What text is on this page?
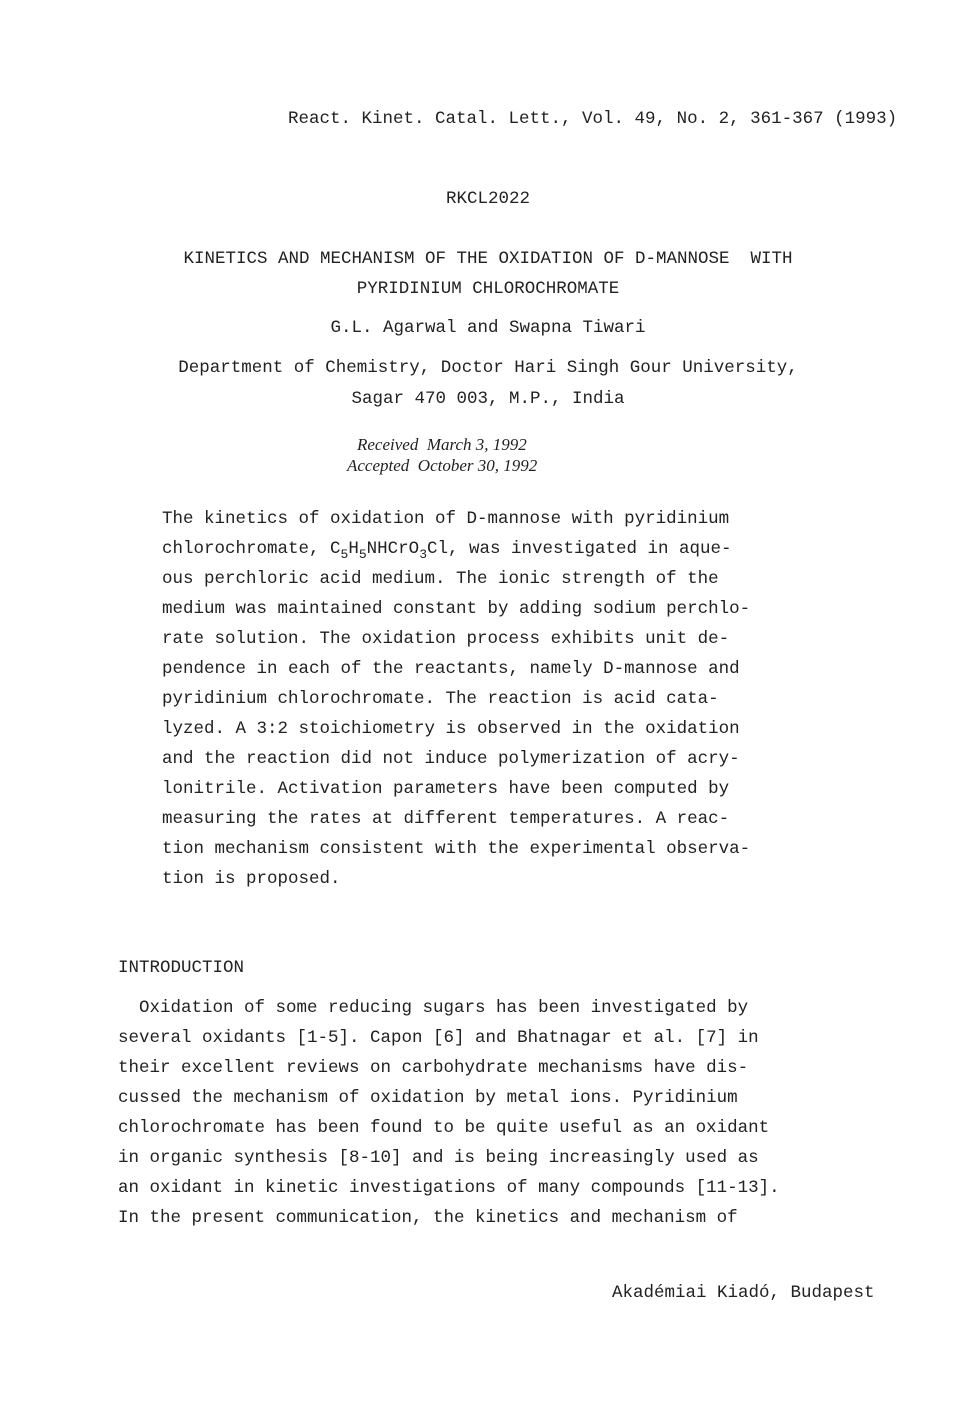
React. Kinet. Catal. Lett., Vol. 49, No. 2, 361-367 (1993)
RKCL2022
KINETICS AND MECHANISM OF THE OXIDATION OF D-MANNOSE  WITH
PYRIDINIUM CHLOROCHROMATE
G.L. Agarwal and Swapna Tiwari
Department of Chemistry, Doctor Hari Singh Gour University,
Sagar 470 003, M.P., India
Received  March 3, 1992
Accepted  October 30, 1992
The kinetics of oxidation of D-mannose with pyridinium
chlorochromate, $C_5H_5NHCrO_3Cl$, was investigated in aque-
ous perchloric acid medium. The ionic strength of the
medium was maintained constant by adding sodium perchlo-
rate solution. The oxidation process exhibits unit de-
pendence in each of the reactants, namely D-mannose and
pyridinium chlorochromate. The reaction is acid cata-
lyzed. A 3:2 stoichiometry is observed in the oxidation
and the reaction did not induce polymerization of acry-
lonitrile. Activation parameters have been computed by
measuring the rates at different temperatures. A reac-
tion mechanism consistent with the experimental observa-
tion is proposed.
INTRODUCTION
Oxidation of some reducing sugars has been investigated by
several oxidants [1-5]. Capon [6] and Bhatnagar et al. [7] in
their excellent reviews on carbohydrate mechanisms have dis-
cussed the mechanism of oxidation by metal ions. Pyridinium
chlorochromate has been found to be quite useful as an oxidant
in organic synthesis [8-10] and is being increasingly used as
an oxidant in kinetic investigations of many compounds [11-13].
In the present communication, the kinetics and mechanism of
Akadémiai Kiadó, Budapest
